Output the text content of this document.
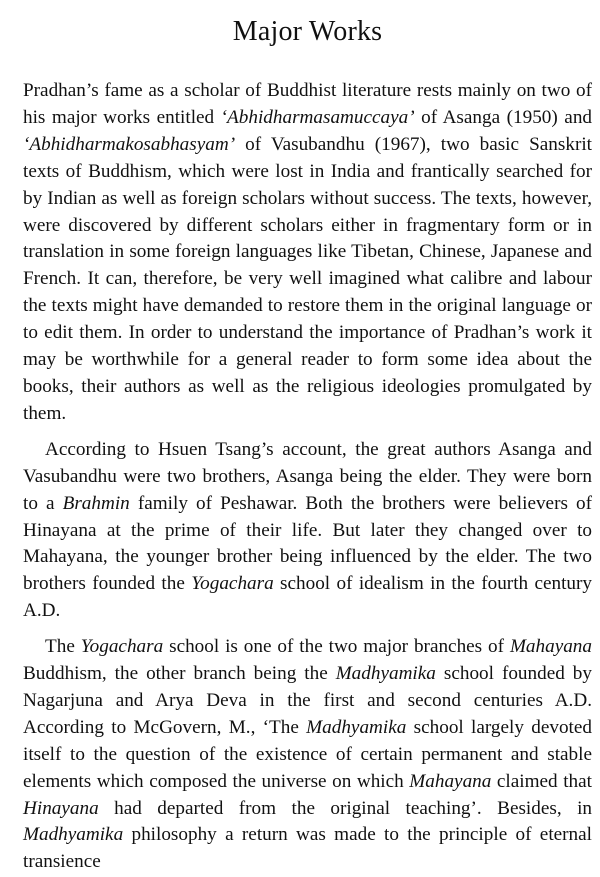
Major Works

Pradhan’s fame as a scholar of Buddhist literature rests mainly on two of his major works entitled ‘Abhidharmasamuccaya’ of Asanga (1950) and ‘Abhidharmakosabhasyam’ of Vasubandhu (1967), two basic Sanskrit texts of Buddhism, which were lost in India and frantically searched for by Indian as well as foreign scholars without success. The texts, however, were discovered by different scholars either in fragmentary form or in translation in some foreign languages like Tibetan, Chinese, Japanese and French. It can, therefore, be very well imagined what calibre and labour the texts might have demanded to restore them in the original language or to edit them. In order to understand the importance of Pradhan’s work it may be worthwhile for a general reader to form some idea about the books, their authors as well as the religious ideologies promulgated by them.

According to Hsuen Tsang’s account, the great authors Asanga and Vasubandhu were two brothers, Asanga being the elder. They were born to a Brahmin family of Peshawar. Both the brothers were believers of Hinayana at the prime of their life. But later they changed over to Mahayana, the younger brother being influenced by the elder. The two brothers founded the Yogachara school of idealism in the fourth century A.D.

The Yogachara school is one of the two major branches of Mahayana Buddhism, the other branch being the Madhyamika school founded by Nagarjuna and Arya Deva in the first and second centuries A.D. According to McGovern, M., ‘The Madhyamika school largely devoted itself to the question of the existence of certain permanent and stable elements which composed the universe on which Mahayana claimed that Hinayana had departed from the original teaching’. Besides, in Madhyamika philosophy a return was made to the principle of eternal transience
